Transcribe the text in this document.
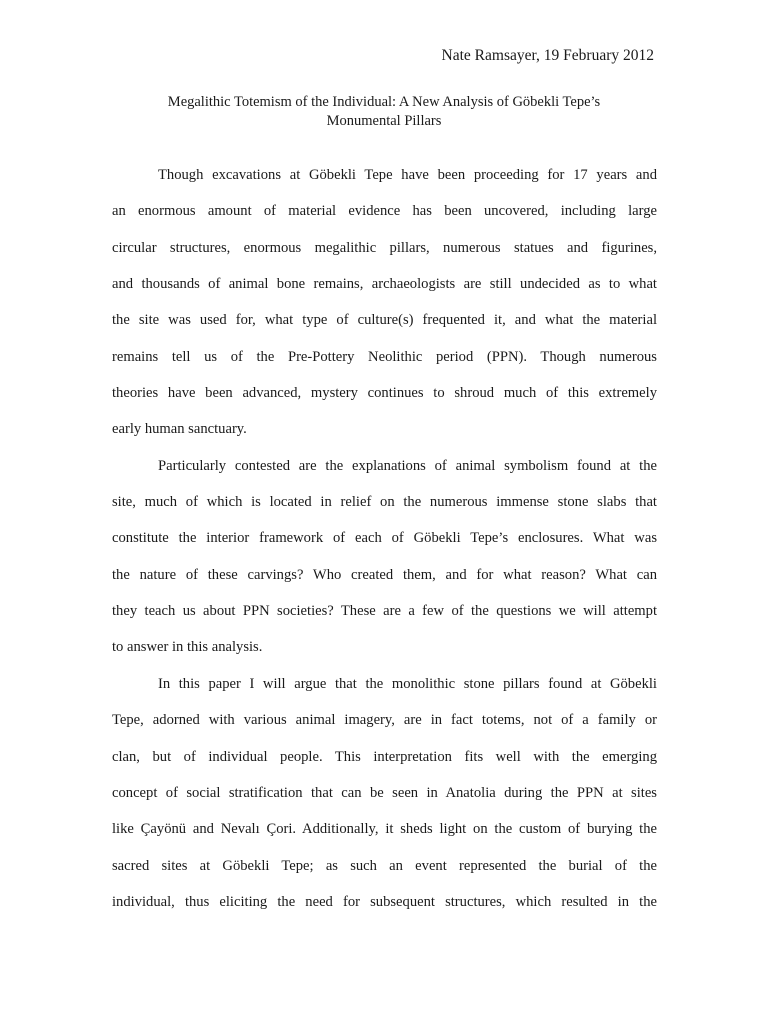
Nate Ramsayer, 19 February 2012
Megalithic Totemism of the Individual: A New Analysis of Göbekli Tepe’s
Monumental Pillars
Though excavations at Göbekli Tepe have been proceeding for 17 years and
an enormous amount of material evidence has been uncovered, including large
circular structures, enormous megalithic pillars, numerous statues and figurines,
and thousands of animal bone remains, archaeologists are still undecided as to what
the site was used for, what type of culture(s) frequented it, and what the material
remains tell us of the Pre-Pottery Neolithic period (PPN). Though numerous
theories have been advanced, mystery continues to shroud much of this extremely
early human sanctuary.
Particularly contested are the explanations of animal symbolism found at the
site, much of which is located in relief on the numerous immense stone slabs that
constitute the interior framework of each of Göbekli Tepe’s enclosures. What was
the nature of these carvings? Who created them, and for what reason? What can
they teach us about PPN societies? These are a few of the questions we will attempt
to answer in this analysis.
In this paper I will argue that the monolithic stone pillars found at Göbekli
Tepe, adorned with various animal imagery, are in fact totems, not of a family or
clan, but of individual people. This interpretation fits well with the emerging
concept of social stratification that can be seen in Anatolia during the PPN at sites
like Çayönü and Nevalı Çori. Additionally, it sheds light on the custom of burying the
sacred sites at Göbekli Tepe; as such an event represented the burial of the
individual, thus eliciting the need for subsequent structures, which resulted in the
